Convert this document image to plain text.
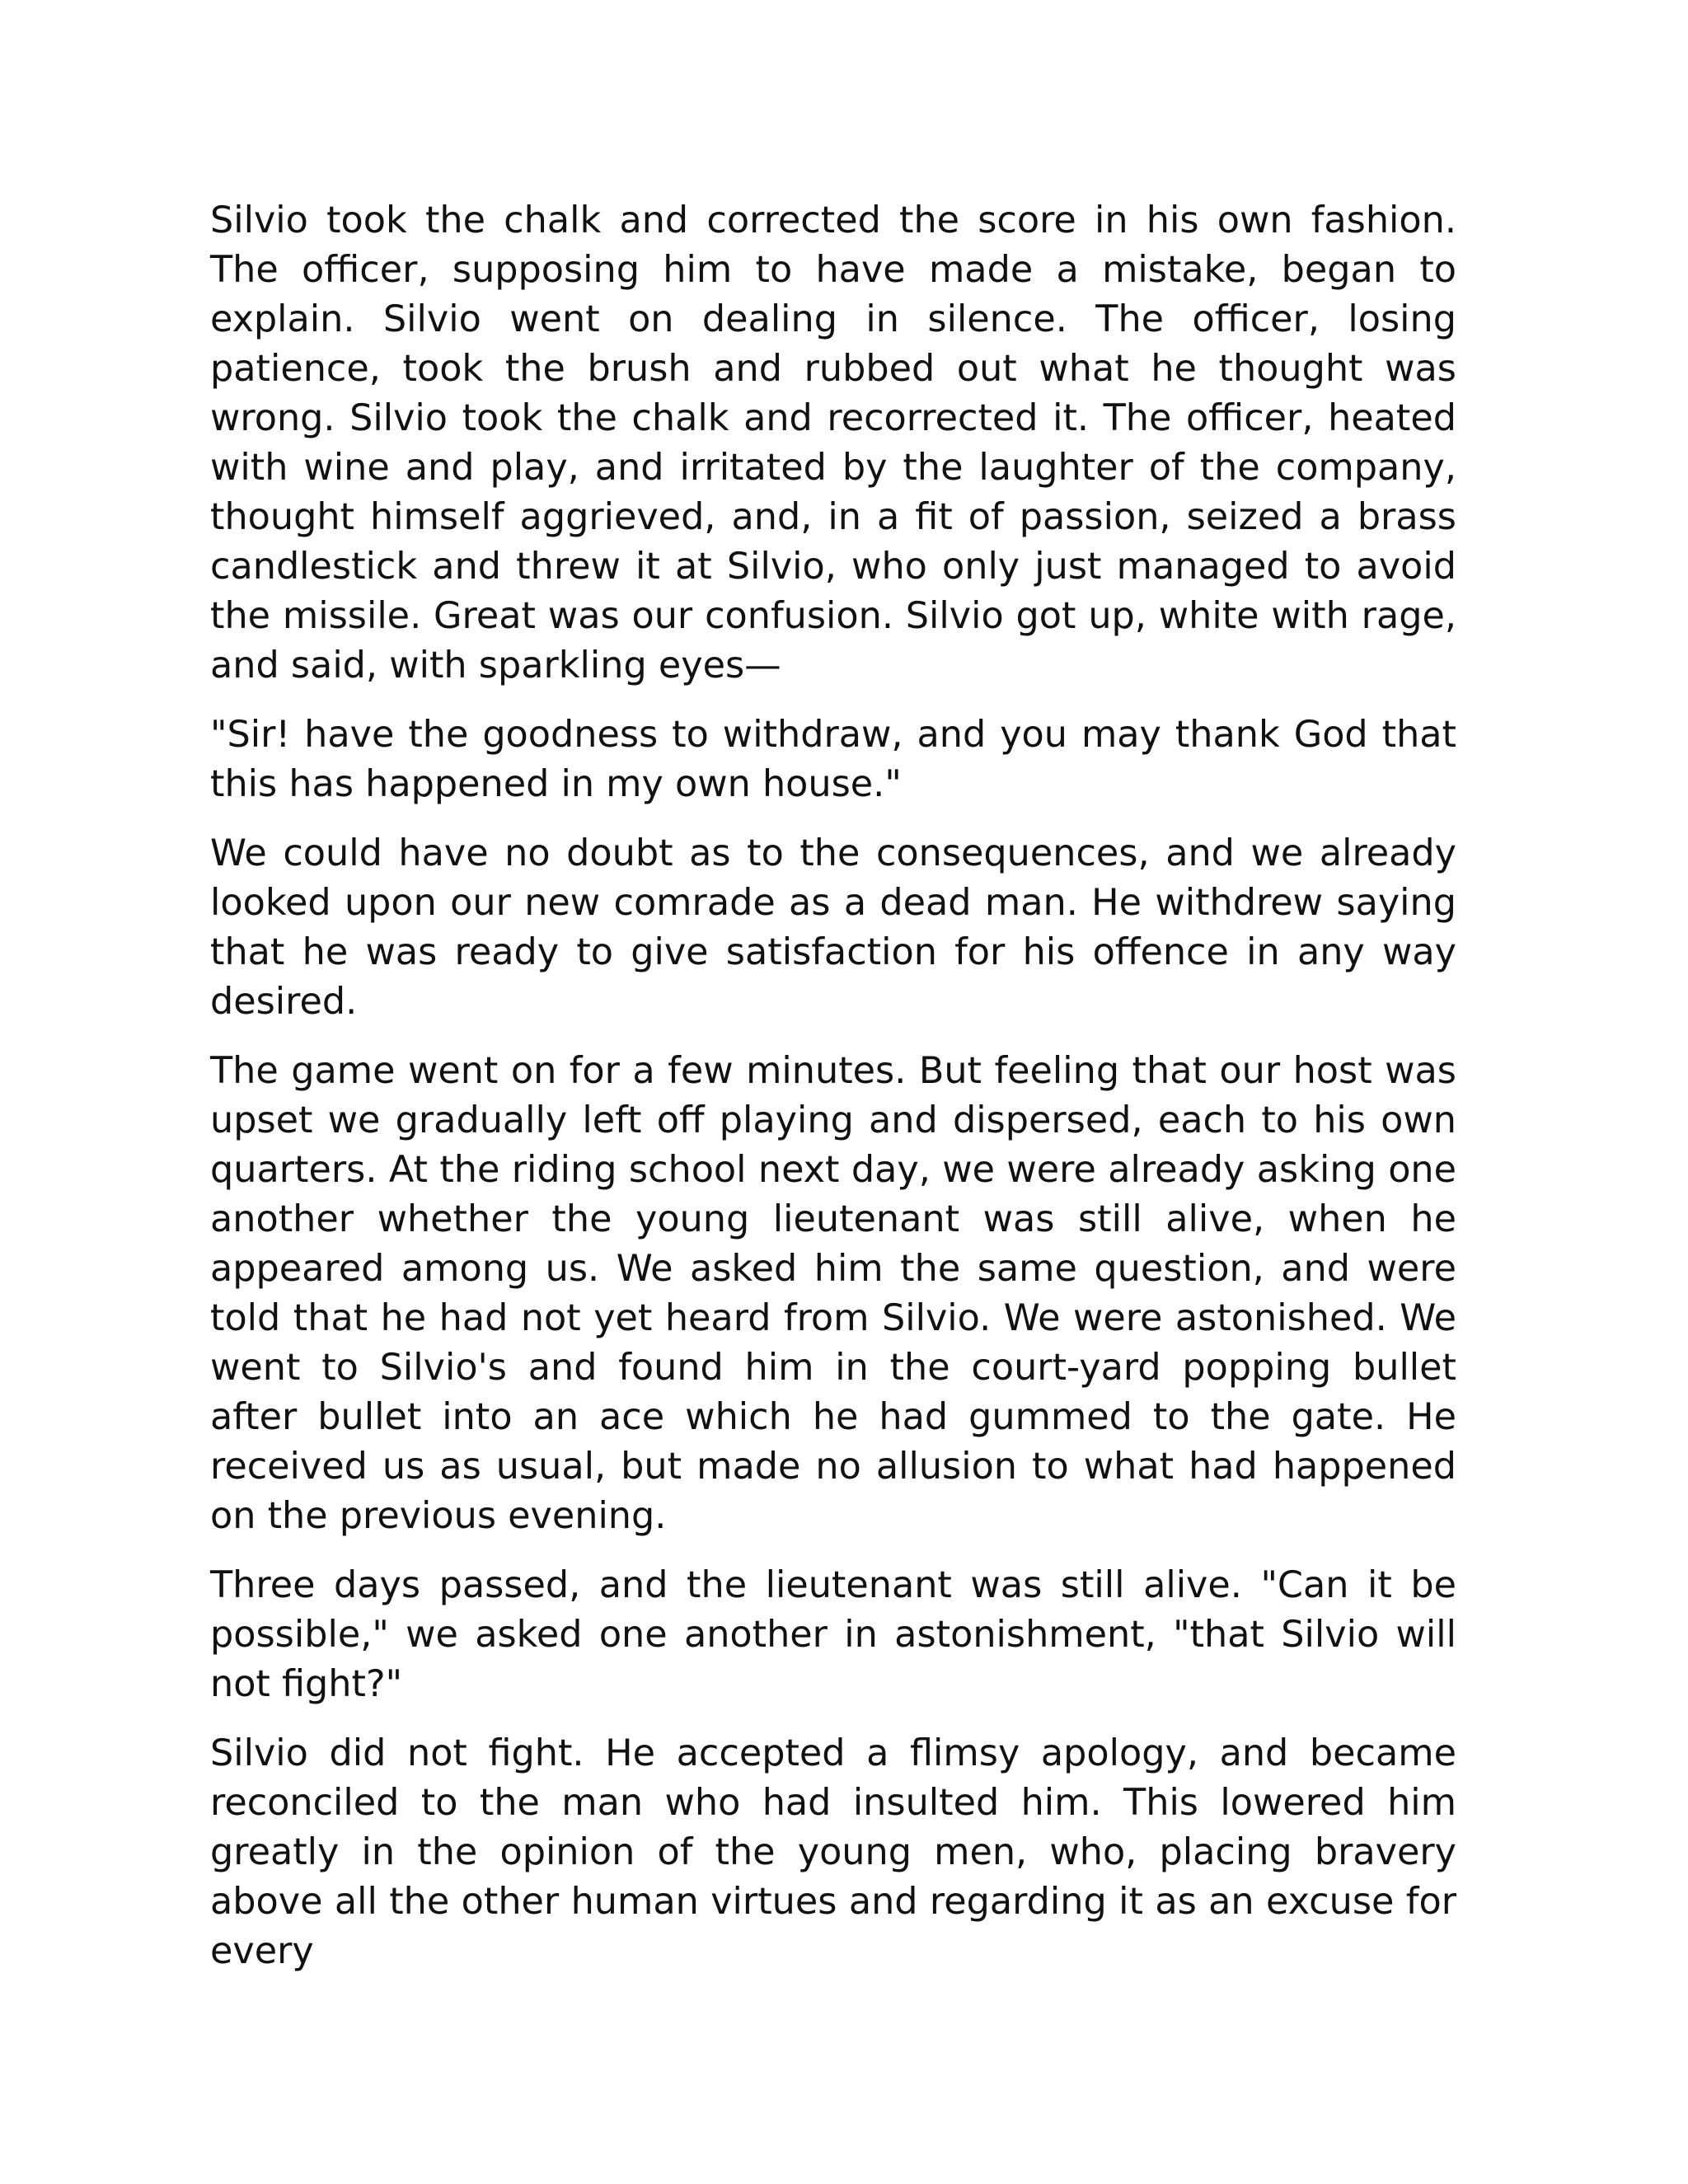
Silvio took the chalk and corrected the score in his own fashion. The officer, supposing him to have made a mistake, began to explain. Silvio went on dealing in silence. The officer, losing patience, took the brush and rubbed out what he thought was wrong. Silvio took the chalk and recorrected it. The officer, heated with wine and play, and irritated by the laughter of the company, thought himself aggrieved, and, in a fit of passion, seized a brass candlestick and threw it at Silvio, who only just managed to avoid the missile. Great was our confusion. Silvio got up, white with rage, and said, with sparkling eyes—

"Sir! have the goodness to withdraw, and you may thank God that this has happened in my own house."

We could have no doubt as to the consequences, and we already looked upon our new comrade as a dead man. He withdrew saying that he was ready to give satisfaction for his offence in any way desired.

The game went on for a few minutes. But feeling that our host was upset we gradually left off playing and dispersed, each to his own quarters. At the riding school next day, we were already asking one another whether the young lieutenant was still alive, when he appeared among us. We asked him the same question, and were told that he had not yet heard from Silvio. We were astonished. We went to Silvio's and found him in the court-yard popping bullet after bullet into an ace which he had gummed to the gate. He received us as usual, but made no allusion to what had happened on the previous evening.

Three days passed, and the lieutenant was still alive. "Can it be possible," we asked one another in astonishment, "that Silvio will not fight?"

Silvio did not fight. He accepted a flimsy apology, and became reconciled to the man who had insulted him. This lowered him greatly in the opinion of the young men, who, placing bravery above all the other human virtues and regarding it as an excuse for every
